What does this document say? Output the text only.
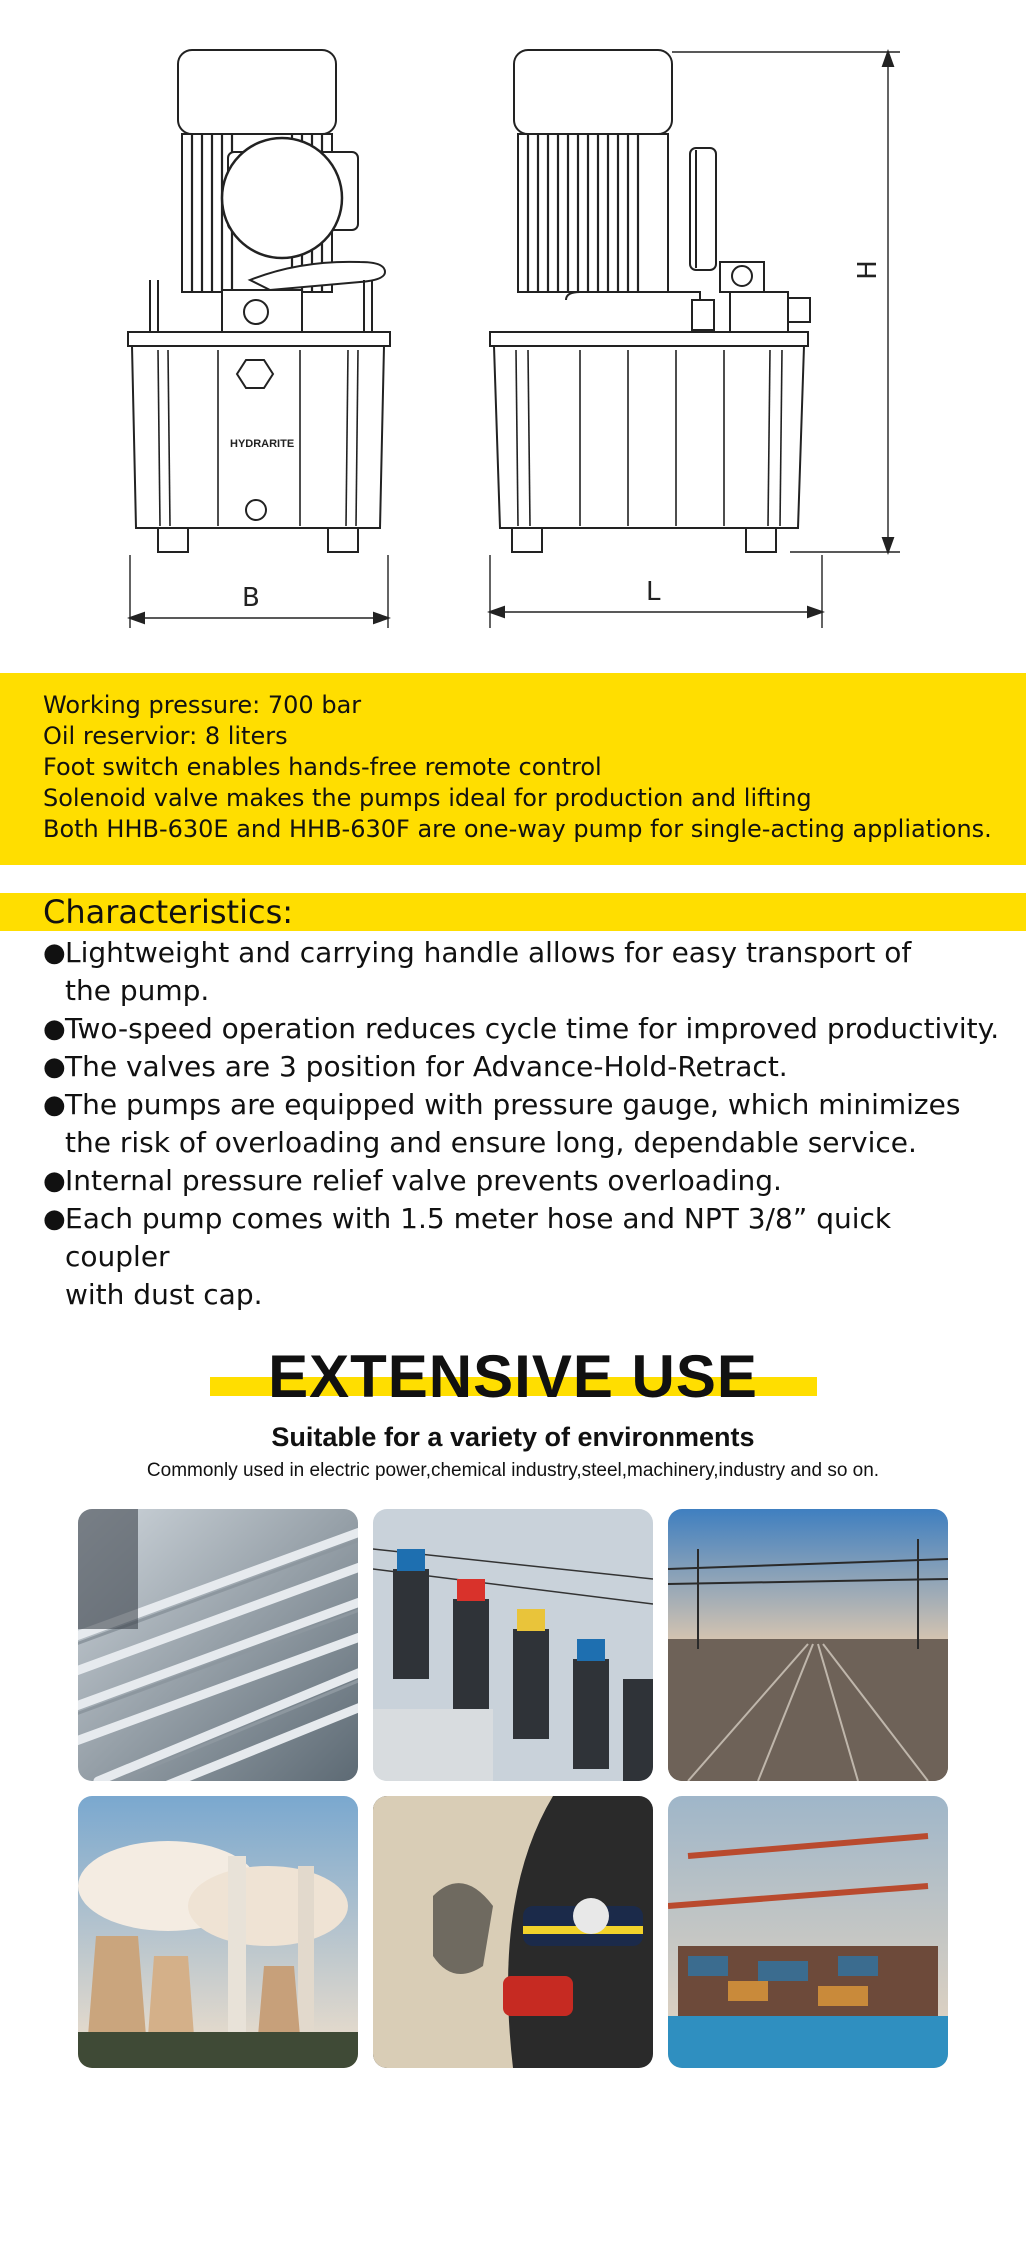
HYDRARITE
B	L
H
Working pressure: 700 bar
Oil reservior: 8 liters
Foot switch enables hands-free remote control
Solenoid valve makes the pumps ideal for production and lifting
Both HHB-630E and HHB-630F are one-way pump for single-acting appliations.
Characteristics:
● Lightweight and carrying handle allows for easy transport of
the pump.
● Two-speed operation reduces cycle time for improved productivity.
● The valves are 3 position for Advance-Hold-Retract.
● The pumps are equipped with pressure gauge, which minimizes
the risk of overloading and ensure long, dependable service.
● Internal pressure relief valve prevents overloading.
● Each pump comes with 1.5 meter hose and NPT 3/8” quick coupler
with dust cap.
EXTENSIVE USE
Suitable for a variety of environments
Commonly used in electric power,chemical industry,steel,machinery,industry and so on.
